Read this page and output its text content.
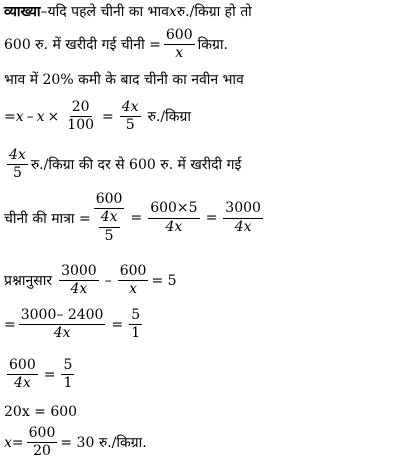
व्याख्या –यदि पहले चीनी का भाव x रु./किग्रा हो तो
600 रु. में खरीदी गई चीनी = $\frac{600}{x}$ किग्रा.
भाव में 20% कमी के बाद चीनी का नवीन भाव
= $x - x \times \frac{20}{100} = \frac{4x}{5}$ रु./किग्रा
$\frac{4x}{5}$ रु./किग्रा की दर से 600 रु. में खरीदी गई
चीनी की मात्रा = $\frac{600}{\frac{4x}{5}} = \frac{600\times 5}{4x} = \frac{3000}{4x}$
प्रश्नानुसार $\frac{3000}{4x} - \frac{600}{x} = 5$
= $\frac{3000- 2400}{4x} = \frac{5}{1}$
$\frac{600}{4x} = \frac{5}{1}$
20x = 600
$x = \frac{600}{20} = 30$ रु./किग्रा.
